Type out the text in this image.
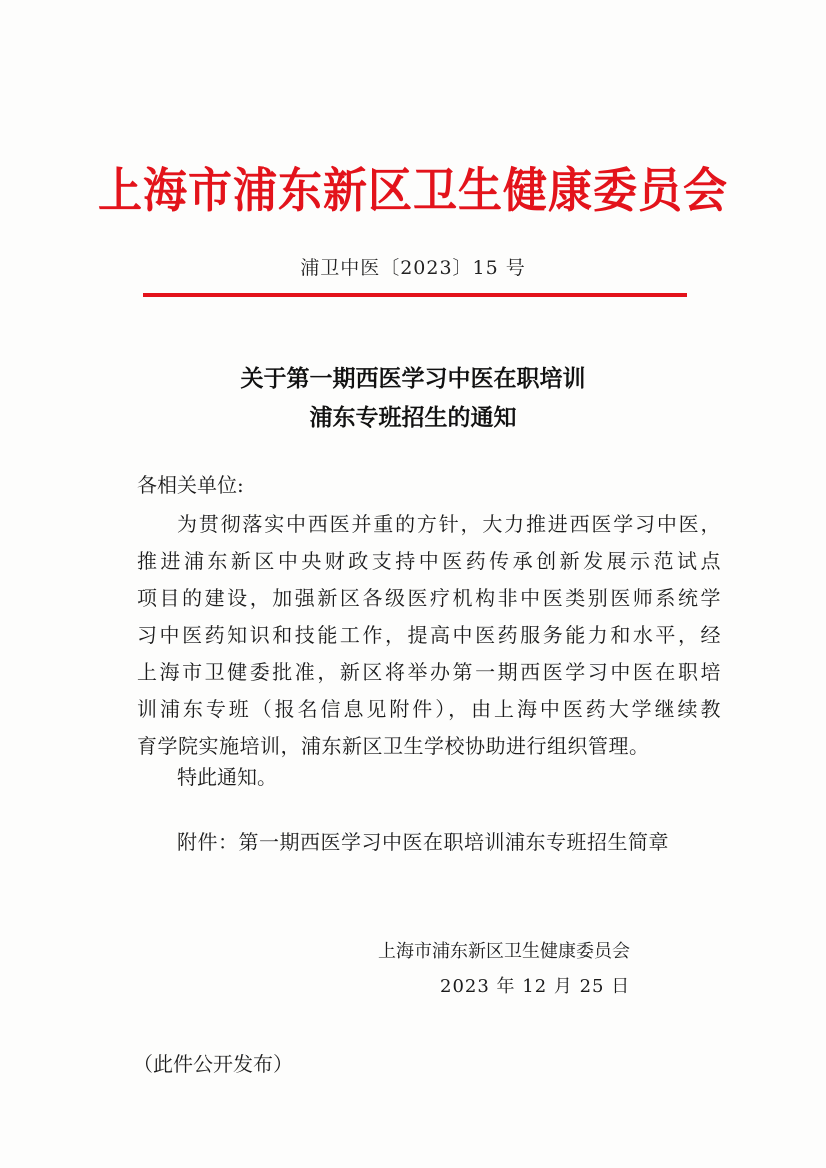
上海市浦东新区卫生健康委员会
浦卫中医〔2023〕15 号
关于第一期西医学习中医在职培训
浦东专班招生的通知
各相关单位:
为贯彻落实中西医并重的方针，大力推进西医学习中医，
推进浦东新区中央财政支持中医药传承创新发展示范试点
项目的建设，加强新区各级医疗机构非中医类别医师系统学
习中医药知识和技能工作，提高中医药服务能力和水平，经
上海市卫健委批准，新区将举办第一期西医学习中医在职培
训浦东专班（报名信息见附件），由上海中医药大学继续教
育学院实施培训，浦东新区卫生学校协助进行组织管理。
特此通知。
附件：第一期西医学习中医在职培训浦东专班招生简章
上海市浦东新区卫生健康委员会
2023 年 12 月 25 日
（此件公开发布）
